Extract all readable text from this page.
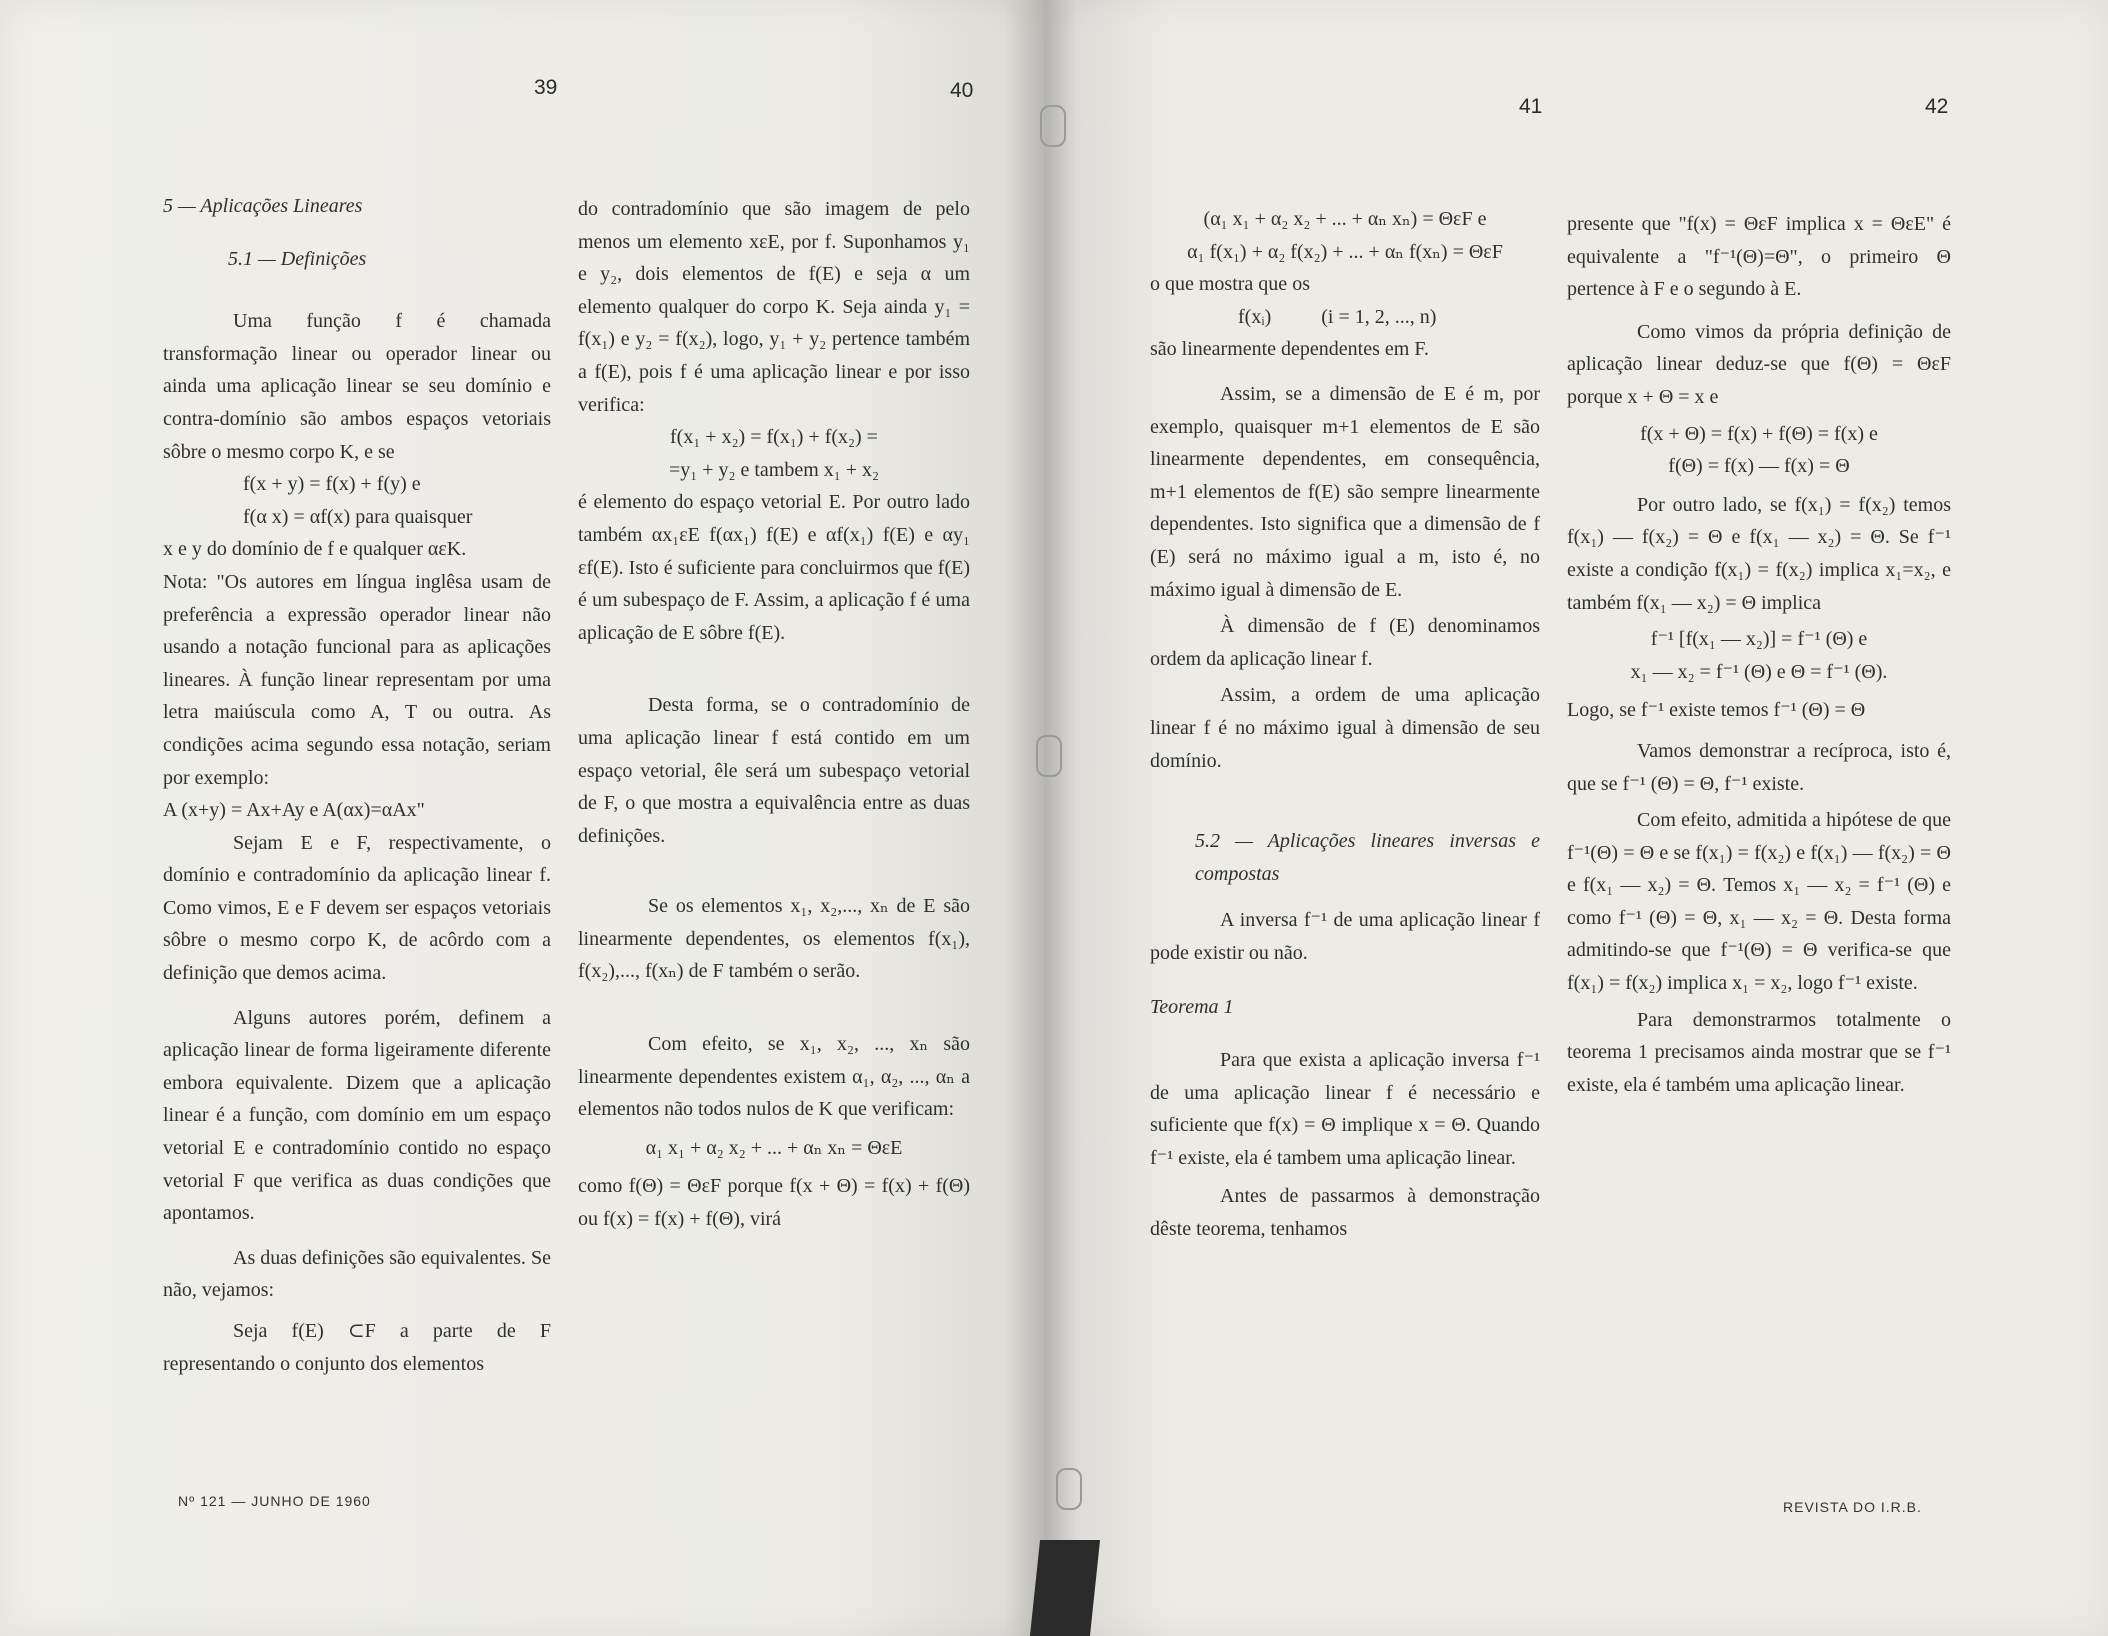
39	40
41	42

5 — Aplicações Lineares

5.1 — Definições

Uma função f é chamada transformação linear ou operador linear ou ainda uma aplicação linear se seu domínio e contra-domínio são ambos espaços vetoriais sôbre o mesmo corpo K, e se

f(x + y) = f(x) + f(y) e

f(α x) = αf(x) para quaisquer

x e y do domínio de f e qualquer αεK.

Nota: "Os autores em língua inglêsa usam de preferência a expressão operador linear não usando a notação funcional para as aplicações lineares. À função linear representam por uma letra maiúscula como A, T ou outra. As condições acima segundo essa notação, seriam por exemplo:

A (x+y) = Ax+Ay e A(αx)=αAx"

Sejam E e F, respectivamente, o domínio e contradomínio da aplicação linear f. Como vimos, E e F devem ser espaços vetoriais sôbre o mesmo corpo K, de acôrdo com a definição que demos acima.

Alguns autores porém, definem a aplicação linear de forma ligeiramente diferente embora equivalente. Dizem que a aplicação linear é a função, com domínio em um espaço vetorial E e contradomínio contido no espaço vetorial F que verifica as duas condições que apontamos.

As duas definições são equivalentes. Se não, vejamos:

Seja f(E) ⊂F a parte de F representando o conjunto dos elementos

do contradomínio que são imagem de pelo menos um elemento xεE, por f. Suponhamos y₁ e y₂, dois elementos de f(E) e seja α um elemento qualquer do corpo K. Seja ainda y₁ = f(x₁) e y₂ = f(x₂), logo, y₁ + y₂ pertence também a f(E), pois f é uma aplicação linear e por isso verifica:

f(x₁ + x₂) = f(x₁) + f(x₂) =

=y₁ + y₂ e tambem x₁ + x₂

é elemento do espaço vetorial E. Por outro lado também αx₁εE f(αx₁) f(E) e αf(x₁) f(E) e αy₁ εf(E). Isto é suficiente para concluirmos que f(E) é um subespaço de F. Assim, a aplicação f é uma aplicação de E sôbre f(E).

Desta forma, se o contradomínio de uma aplicação linear f está contido em um espaço vetorial, êle será um subespaço vetorial de F, o que mostra a equivalência entre as duas definições.

Se os elementos x₁, x₂,..., xₙ de E são linearmente dependentes, os elementos f(x₁), f(x₂),..., f(xₙ) de F também o serão.

Com efeito, se x₁, x₂, ..., xₙ são linearmente dependentes existem α₁, α₂, ..., αₙ a elementos não todos nulos de K que verificam:

α₁ x₁ + α₂ x₂ + ... + αₙ xₙ = ΘεE

como f(Θ) = ΘεF porque f(x + Θ) = f(x) + f(Θ) ou f(x) = f(x) + f(Θ), virá

(α₁ x₁ + α₂ x₂ + ... + αₙ xₙ) = ΘεF e

α₁ f(x₁) + α₂ f(x₂) + ... + αₙ f(xₙ) = ΘεF

o que mostra que os

f(xᵢ)          (i = 1, 2, ..., n)

são linearmente dependentes em F.

Assim, se a dimensão de E é m, por exemplo, quaisquer m+1 elementos de E são linearmente dependentes, em consequência, m+1 elementos de f(E) são sempre linearmente dependentes. Isto significa que a dimensão de f (E) será no máximo igual a m, isto é, no máximo igual à dimensão de E.

À dimensão de f (E) denominamos ordem da aplicação linear f.

Assim, a ordem de uma aplicação linear f é no máximo igual à dimensão de seu domínio.

5.2 — Aplicações lineares inversas e compostas

A inversa f⁻¹ de uma aplicação linear f pode existir ou não.

Teorema 1

Para que exista a aplicação inversa f⁻¹ de uma aplicação linear f é necessário e suficiente que f(x) = Θ implique x = Θ. Quando f⁻¹ existe, ela é tambem uma aplicação linear.

Antes de passarmos à demonstração dêste teorema, tenhamos

presente que "f(x) = ΘεF implica x = ΘεE" é equivalente a "f⁻¹(Θ)=Θ", o primeiro Θ pertence à F e o segundo à E.

Como vimos da própria definição de aplicação linear deduz-se que f(Θ) = ΘεF porque x + Θ = x e

f(x + Θ) = f(x) + f(Θ) = f(x) e

f(Θ) = f(x) — f(x) = Θ

Por outro lado, se f(x₁) = f(x₂) temos f(x₁) — f(x₂) = Θ e f(x₁ — x₂) = Θ. Se f⁻¹ existe a condição f(x₁) = f(x₂) implica x₁=x₂, e também f(x₁ — x₂) = Θ implica

f⁻¹ [f(x₁ — x₂)] = f⁻¹ (Θ) e

x₁ — x₂ = f⁻¹ (Θ) e Θ = f⁻¹ (Θ).

Logo, se f⁻¹ existe temos f⁻¹ (Θ) = Θ

Vamos demonstrar a recíproca, isto é, que se f⁻¹ (Θ) = Θ, f⁻¹ existe.

Com efeito, admitida a hipótese de que f⁻¹(Θ) = Θ e se f(x₁) = f(x₂) e f(x₁) — f(x₂) = Θ e f(x₁ — x₂) = Θ. Temos x₁ — x₂ = f⁻¹ (Θ) e como f⁻¹ (Θ) = Θ, x₁ — x₂ = Θ. Desta forma admitindo-se que f⁻¹(Θ) = Θ verifica-se que f(x₁) = f(x₂) implica x₁ = x₂, logo f⁻¹ existe.

Para demonstrarmos totalmente o teorema 1 precisamos ainda mostrar que se f⁻¹ existe, ela é também uma aplicação linear.

Nº 121 — JUNHO DE 1960	REVISTA DO I.R.B.
